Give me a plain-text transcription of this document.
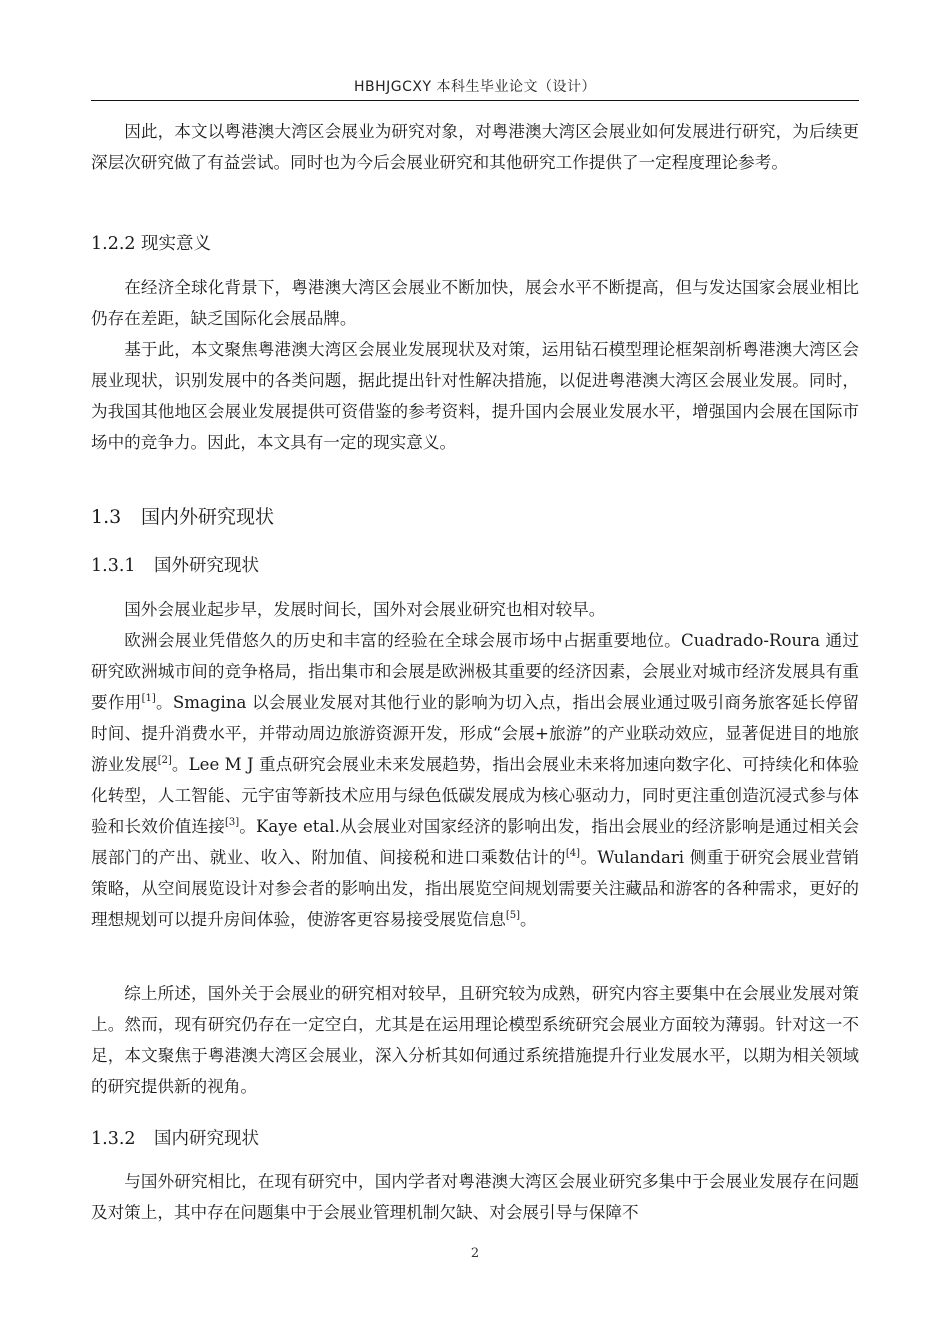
HBHJGCXY 本科生毕业论文（设计）

因此，本文以粤港澳大湾区会展业为研究对象，对粤港澳大湾区会展业如何发展进行研究，为后续更深层次研究做了有益尝试。同时也为今后会展业研究和其他研究工作提供了一定程度理论参考。

1.2.2 现实意义

在经济全球化背景下，粤港澳大湾区会展业不断加快，展会水平不断提高，但与发达国家会展业相比仍存在差距，缺乏国际化会展品牌。

基于此，本文聚焦粤港澳大湾区会展业发展现状及对策，运用钻石模型理论框架剖析粤港澳大湾区会展业现状，识别发展中的各类问题，据此提出针对性解决措施，以促进粤港澳大湾区会展业发展。同时，为我国其他地区会展业发展提供可资借鉴的参考资料，提升国内会展业发展水平，增强国内会展在国际市场中的竞争力。因此，本文具有一定的现实意义。

1.3 国内外研究现状
1.3.1 国外研究现状

国外会展业起步早，发展时间长，国外对会展业研究也相对较早。

欧洲会展业凭借悠久的历史和丰富的经验在全球会展市场中占据重要地位。Cuadrado-Roura 通过研究欧洲城市间的竞争格局，指出集市和会展是欧洲极其重要的经济因素，会展业对城市经济发展具有重要作用[1]。Smagina 以会展业发展对其他行业的影响为切入点，指出会展业通过吸引商务旅客延长停留时间、提升消费水平，并带动周边旅游资源开发，形成“会展+旅游”的产业联动效应，显著促进目的地旅游业发展[2]。Lee M J 重点研究会展业未来发展趋势，指出会展业未来将加速向数字化、可持续化和体验化转型，人工智能、元宇宙等新技术应用与绿色低碳发展成为核心驱动力，同时更注重创造沉浸式参与体验和长效价值连接[3]。Kaye etal.从会展业对国家经济的影响出发，指出会展业的经济影响是通过相关会展部门的产出、就业、收入、附加值、间接税和进口乘数估计的[4]。Wulandari 侧重于研究会展业营销策略，从空间展览设计对参会者的影响出发，指出展览空间规划需要关注藏品和游客的各种需求，更好的理想规划可以提升房间体验，使游客更容易接受展览信息[5]。

综上所述，国外关于会展业的研究相对较早，且研究较为成熟，研究内容主要集中在会展业发展对策上。然而，现有研究仍存在一定空白，尤其是在运用理论模型系统研究会展业方面较为薄弱。针对这一不足，本文聚焦于粤港澳大湾区会展业，深入分析其如何通过系统措施提升行业发展水平，以期为相关领域的研究提供新的视角。

1.3.2 国内研究现状

与国外研究相比，在现有研究中，国内学者对粤港澳大湾区会展业研究多集中于会展业发展存在问题及对策上，其中存在问题集中于会展业管理机制欠缺、对会展引导与保障不

2
